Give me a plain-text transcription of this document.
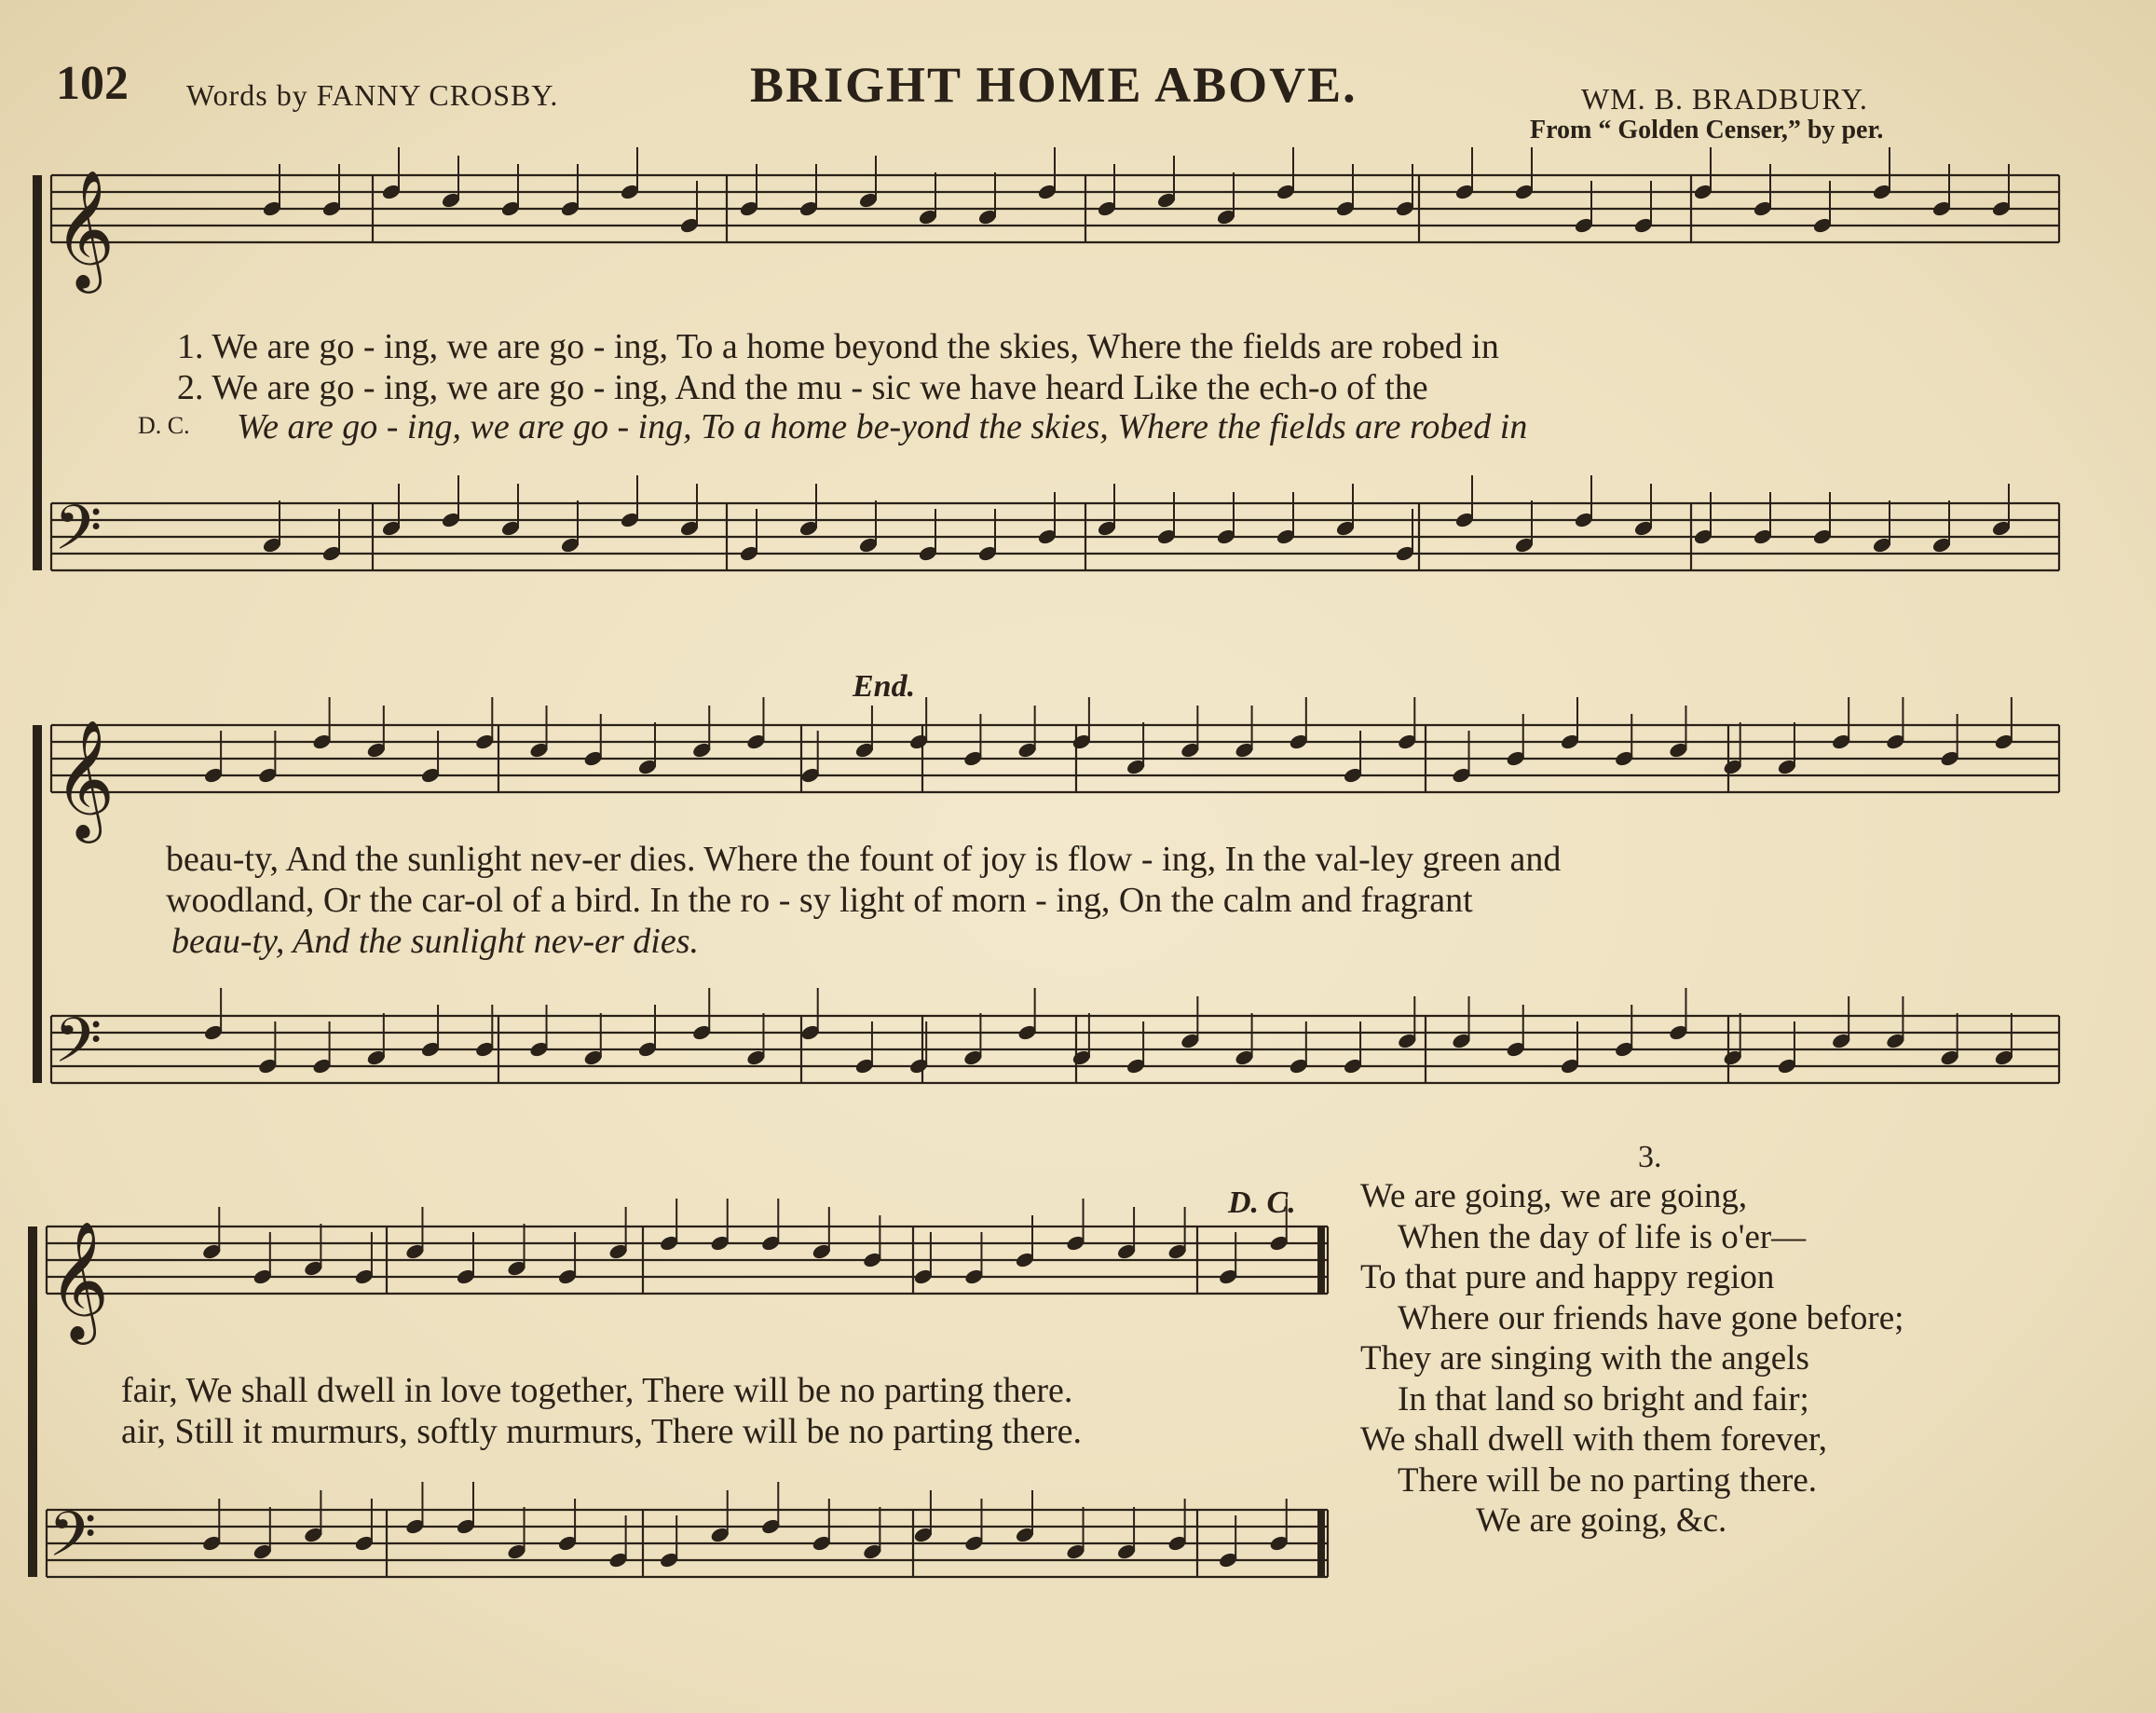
102 Words by FANNY CROSBY.	BRIGHT HOME ABOVE.	WM. B. BRADBURY.
From “ Golden Censer,” by per.
𝄞
𝄢
𝄞
𝄢
𝄞
𝄢
1. We are go - ing, we are go - ing, To a home beyond the skies, Where the fields are robed in
2. We are go - ing, we are go - ing, And the mu - sic we have heard Like the ech-o of the
D. C. We are go - ing, we are go - ing, To a home be-yond the skies, Where the fields are robed in
End.
beau-ty, And the sunlight nev-er dies. Where the fount of joy is flow - ing, In the val-ley green and
woodland, Or the car-ol of a bird. In the ro - sy light of morn - ing, On the calm and fragrant
beau-ty, And the sunlight nev-er dies.
D. C.
fair, We shall dwell in love together, There will be no parting there.
air, Still it murmurs, softly murmurs, There will be no parting there.
3.
We are going, we are going,
When the day of life is o'er—
To that pure and happy region
Where our friends have gone before;
They are singing with the angels
In that land so bright and fair;
We shall dwell with them forever,
There will be no parting there.
We are going, &c.
